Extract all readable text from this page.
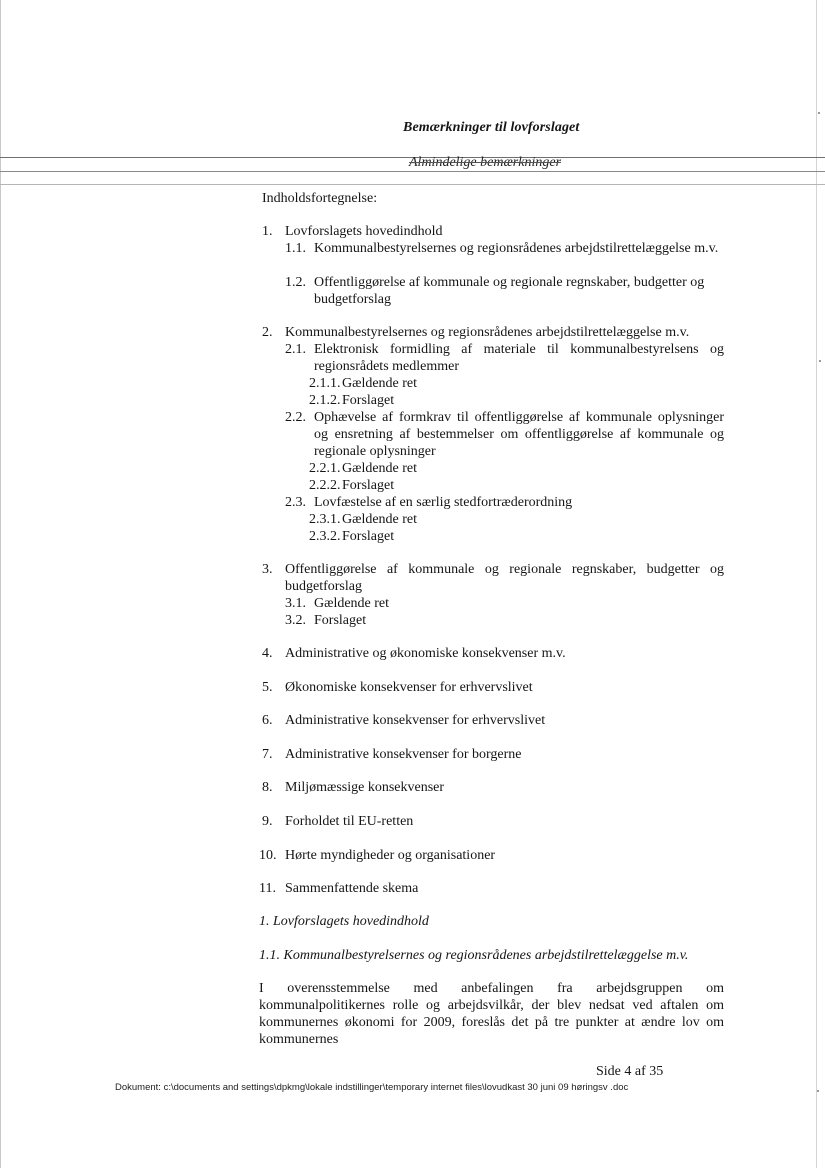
Bemærkninger til lovforslaget
Almindelige bemærkninger
Indholdsfortegnelse:
1. Lovforslagets hovedindhold
1.1. Kommunalbestyrelsernes og regionsrådenes arbejdstilrettelæggelse m.v.
1.2. Offentliggørelse af kommunale og regionale regnskaber, budgetter og budgetforslag
2. Kommunalbestyrelsernes og regionsrådenes arbejdstilrettelæggelse m.v.
2.1. Elektronisk formidling af materiale til kommunalbestyrelsens og regionsrådets medlemmer
2.1.1. Gældende ret
2.1.2. Forslaget
2.2. Ophævelse af formkrav til offentliggørelse af kommunale oplysninger og ensretning af bestemmelser om offentliggørelse af kommunale og regionale oplysninger
2.2.1. Gældende ret
2.2.2. Forslaget
2.3. Lovfæstelse af en særlig stedfortræderordning
2.3.1. Gældende ret
2.3.2. Forslaget
3. Offentliggørelse af kommunale og regionale regnskaber, budgetter og budgetforslag
3.1. Gældende ret
3.2. Forslaget
4. Administrative og økonomiske konsekvenser m.v.
5. Økonomiske konsekvenser for erhvervslivet
6. Administrative konsekvenser for erhvervslivet
7. Administrative konsekvenser for borgerne
8. Miljømæssige konsekvenser
9. Forholdet til EU-retten
10. Hørte myndigheder og organisationer
11. Sammenfattende skema
1. Lovforslagets hovedindhold
1.1. Kommunalbestyrelsernes og regionsrådenes arbejdstilrettelæggelse m.v.
I overensstemmelse med anbefalingen fra arbejdsgruppen om kommunalpolitikernes rolle og arbejdsvilkår, der blev nedsat ved aftalen om kommunernes økonomi for 2009, foreslås det på tre punkter at ændre lov om kommunernes
Side 4 af 35
Dokument: c:\documents and settings\dpkmg\lokale indstillinger\temporary internet files\lovudkast 30 juni 09 høringsv .doc
